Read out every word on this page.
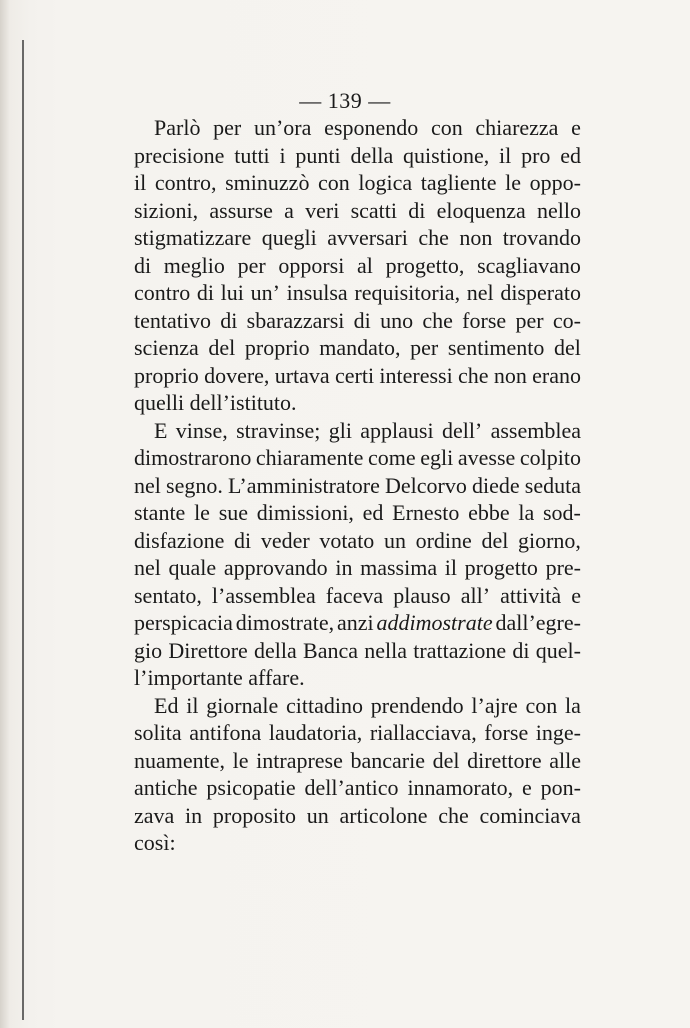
— 139 —
Parlò per un’ora esponendo con chiarezza e
precisione tutti i punti della quistione, il pro ed
il contro, sminuzzò con logica tagliente le oppo-
sizioni, assurse a veri scatti di eloquenza nello
stigmatizzare quegli avversari che non trovando
di meglio per opporsi al progetto, scagliavano
contro di lui un’ insulsa requisitoria, nel disperato
tentativo di sbarazzarsi di uno che forse per co-
scienza del proprio mandato, per sentimento del
proprio dovere, urtava certi interessi che non erano
quelli
dell’istituto.
E vinse, stravinse; gli applausi dell’ assemblea
dimostrarono chiaramente come egli avesse colpito
nel segno. L’amministratore Delcorvo diede seduta
stante le sue dimissioni, ed Ernesto ebbe la sod-
disfazione di veder votato un ordine del giorno,
nel quale approvando in massima il progetto pre-
sentato, l’assemblea faceva plauso all’ attività e
perspicacia dimostrate, anzi addimostrate dall’egre-
gio Direttore della Banca nella trattazione di quel-
l’importante
affare.
Ed il giornale cittadino prendendo l’ajre con la
solita antifona laudatoria, riallacciava, forse inge-
nuamente, le intraprese bancarie del direttore alle
antiche psicopatie dell’antico innamorato, e pon-
zava in proposito un articolone che cominciava
così:
